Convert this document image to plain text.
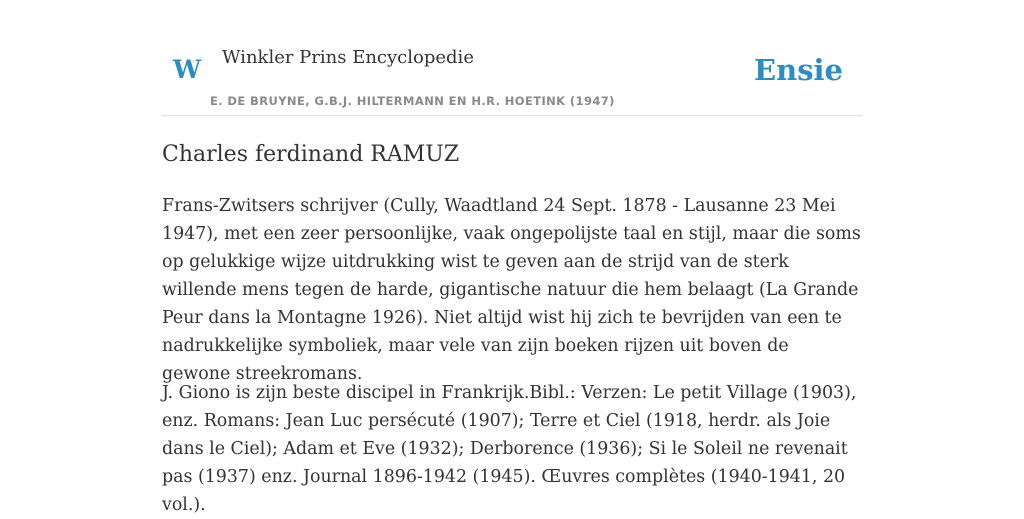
W Winkler Prins Encyclopedie
E. DE BRUYNE, G.B.J. HILTERMANN EN H.R. HOETINK (1947)
Ensie
Charles ferdinand RAMUZ

Frans-Zwitsers schrijver (Cully, Waadtland 24 Sept. 1878 - Lausanne 23 Mei 1947), met een zeer persoonlijke, vaak ongepolijste taal en stijl, maar die soms op gelukkige wijze uitdrukking wist te geven aan de strijd van de sterk willende mens tegen de harde, gigantische natuur die hem belaagt (La Grande Peur dans la Montagne 1926). Niet altijd wist hij zich te bevrijden van een te nadrukkelijke symboliek, maar vele van zijn boeken rijzen uit boven de gewone streekromans.

J. Giono is zijn beste discipel in Frankrijk.Bibl.: Verzen: Le petit Village (1903), enz. Romans: Jean Luc persécuté (1907); Terre et Ciel (1918, herdr. als Joie dans le Ciel); Adam et Eve (1932); Derborence (1936); Si le Soleil ne revenait pas (1937) enz. Journal 1896-1942 (1945). Œuvres complètes (1940-1941, 20 vol.).
